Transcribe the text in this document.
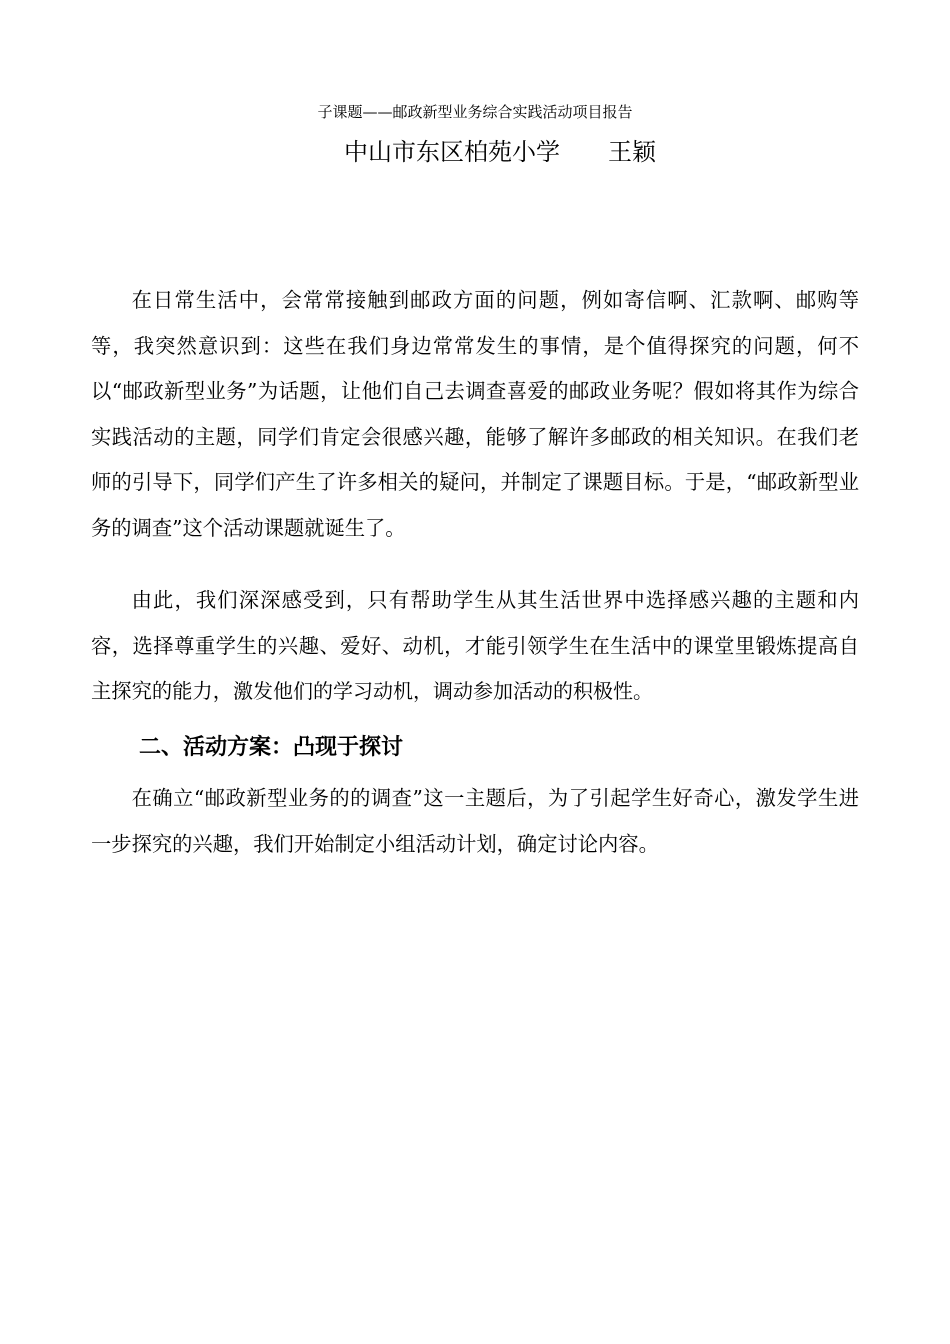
子课题——邮政新型业务综合实践活动项目报告
中山市东区柏苑小学　　王颖

在日常生活中，会常常接触到邮政方面的问题，例如寄信啊、汇款啊、邮购等等，我突然意识到：这些在我们身边常常发生的事情，是个值得探究的问题，何不以“邮政新型业务”为话题，让他们自己去调查喜爱的邮政业务呢？假如将其作为综合实践活动的主题，同学们肯定会很感兴趣，能够了解许多邮政的相关知识。在我们老师的引导下，同学们产生了许多相关的疑问，并制定了课题目标。于是，“邮政新型业务的调查”这个活动课题就诞生了。

由此，我们深深感受到，只有帮助学生从其生活世界中选择感兴趣的主题和内容，选择尊重学生的兴趣、爱好、动机，才能引领学生在生活中的课堂里锻炼提高自主探究的能力，激发他们的学习动机，调动参加活动的积极性。

二、活动方案：凸现于探讨

在确立“邮政新型业务的的调查”这一主题后，为了引起学生好奇心，激发学生进一步探究的兴趣，我们开始制定小组活动计划，确定讨论内容。
